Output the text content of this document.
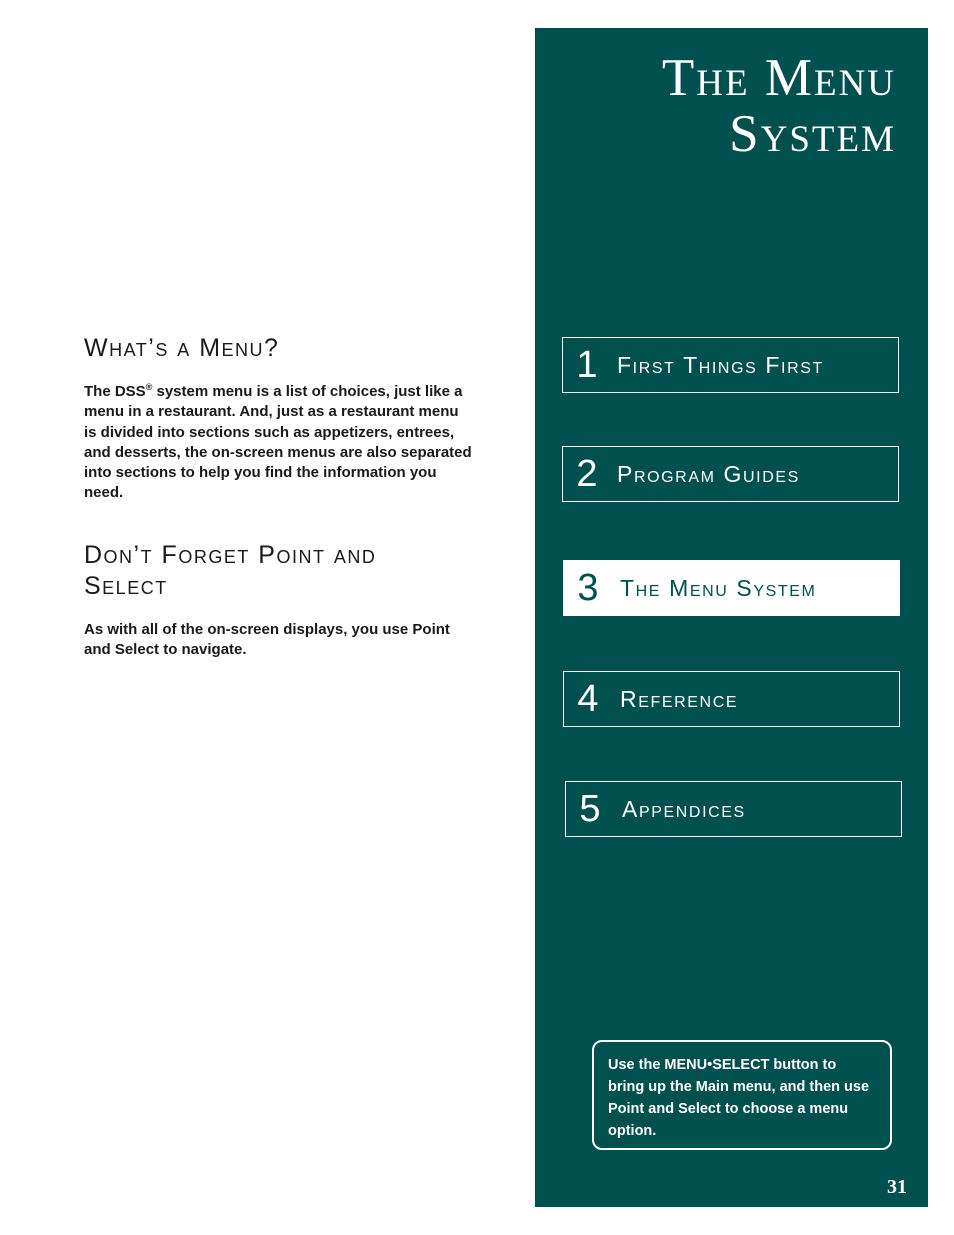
What’s a Menu?

The DSS® system menu is a list of choices, just like a menu in a restaurant. And, just as a restaurant menu is divided into sections such as appetizers, entrees, and desserts, the on-screen menus are also separated into sections to help you find the information you need.

Don’t Forget Point and Select

As with all of the on-screen displays, you use Point and Select to navigate.

The Menu
System
1 First Things First
2 Program Guides
3 The Menu System
4 Reference
5 Appendices
Use the MENU•SELECT button to bring up the Main menu, and then use Point and Select to choose a menu option.
31
